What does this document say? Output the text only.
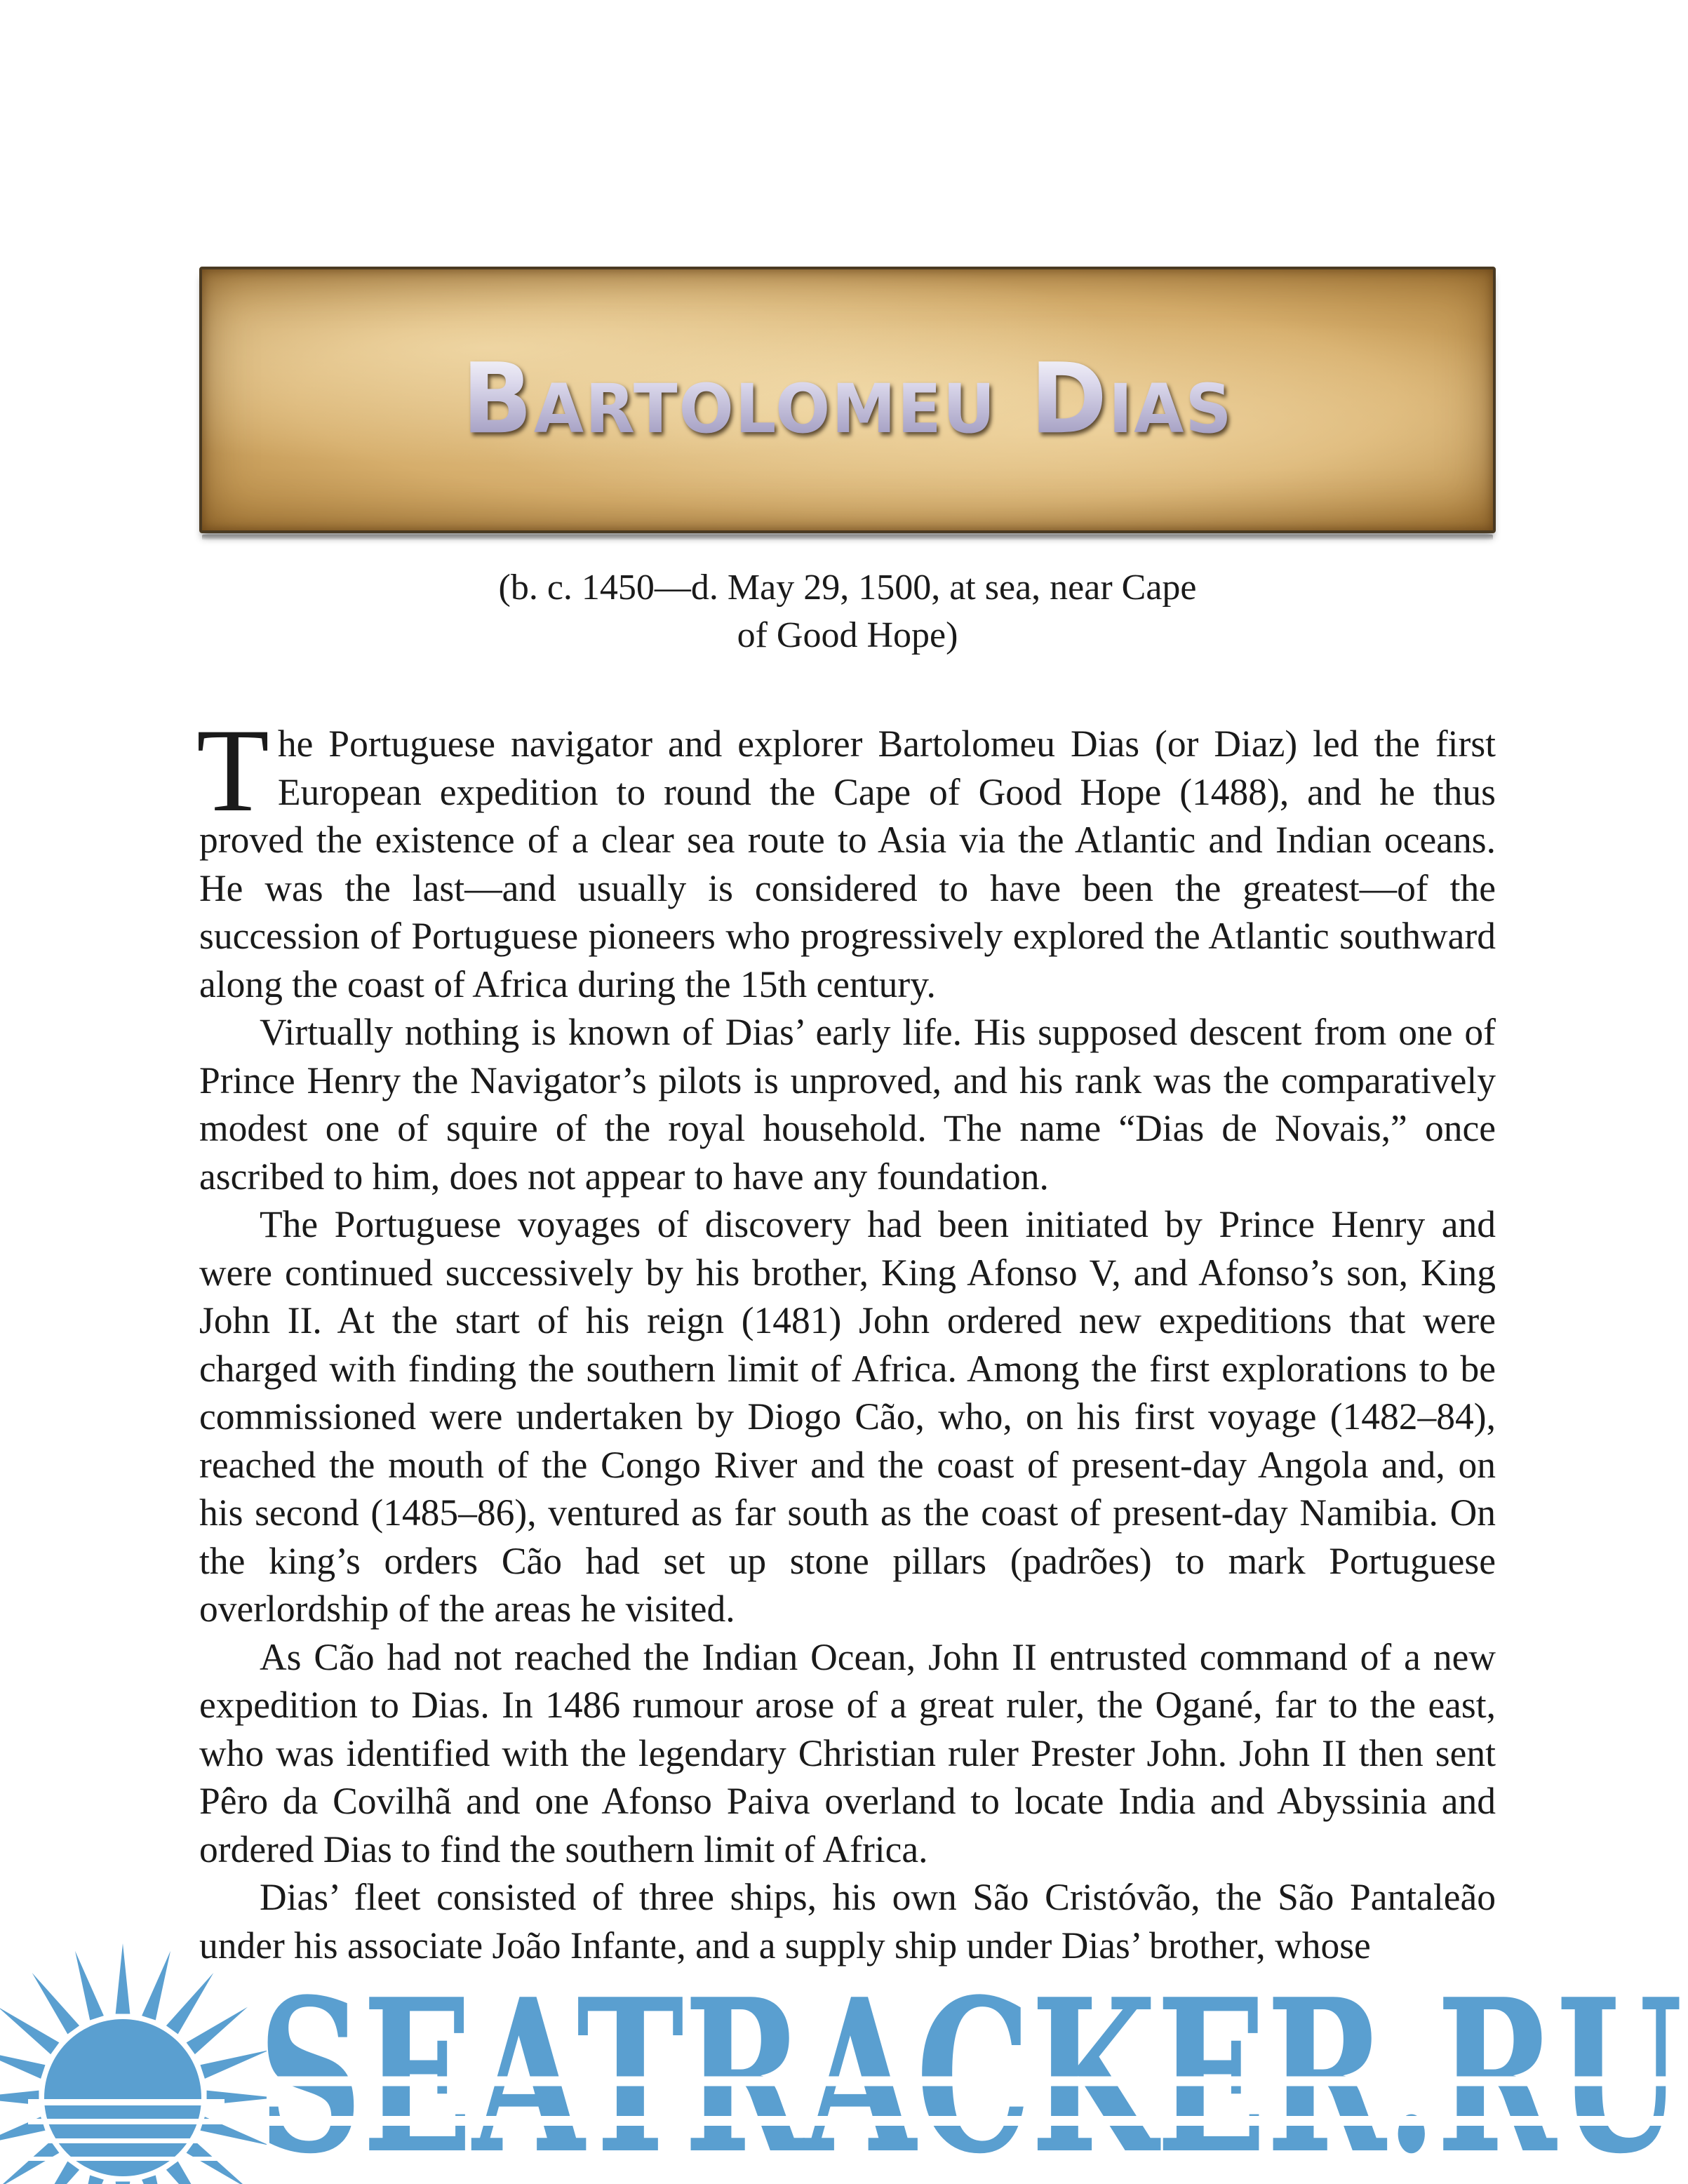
Bartolomeu Dias
(b. c. 1450—d. May 29, 1500, at sea, near Cape
of Good Hope)

The Portuguese navigator and explorer Bartolomeu Dias (or Diaz) led the first European expedition to round the Cape of Good Hope (1488), and he thus proved the existence of a clear sea route to Asia via the Atlantic and Indian oceans. He was the last—and usually is considered to have been the greatest—of the succession of Portuguese pioneers who progressively explored the Atlantic southward along the coast of Africa during the 15th century.

Virtually nothing is known of Dias’ early life. His supposed descent from one of Prince Henry the Navigator’s pilots is unproved, and his rank was the comparatively modest one of squire of the royal household. The name “Dias de Novais,” once ascribed to him, does not appear to have any foundation.

The Portuguese voyages of discovery had been initiated by Prince Henry and were continued successively by his brother, King Afonso V, and Afonso’s son, King John II. At the start of his reign (1481) John ordered new expeditions that were charged with finding the southern limit of Africa. Among the first explorations to be commissioned were undertaken by Diogo Cão, who, on his first voyage (1482–84), reached the mouth of the Congo River and the coast of present-day Angola and, on his second (1485–86), ventured as far south as the coast of present-day Namibia. On the king’s orders Cão had set up stone pillars (padrões) to mark Portuguese overlordship of the areas he visited.

As Cão had not reached the Indian Ocean, John II entrusted command of a new expedition to Dias. In 1486 rumour arose of a great ruler, the Ogané, far to the east, who was identified with the legendary Christian ruler Prester John. John II then sent Pêro da Covilhã and one Afonso Paiva overland to locate India and Abyssinia and ordered Dias to find the southern limit of Africa.

Dias’ fleet consisted of three ships, his own São Cristóvão, the São Pantaleão under his associate João Infante, and a supply ship under Dias’ brother, whose

SEATRACKER.RU
